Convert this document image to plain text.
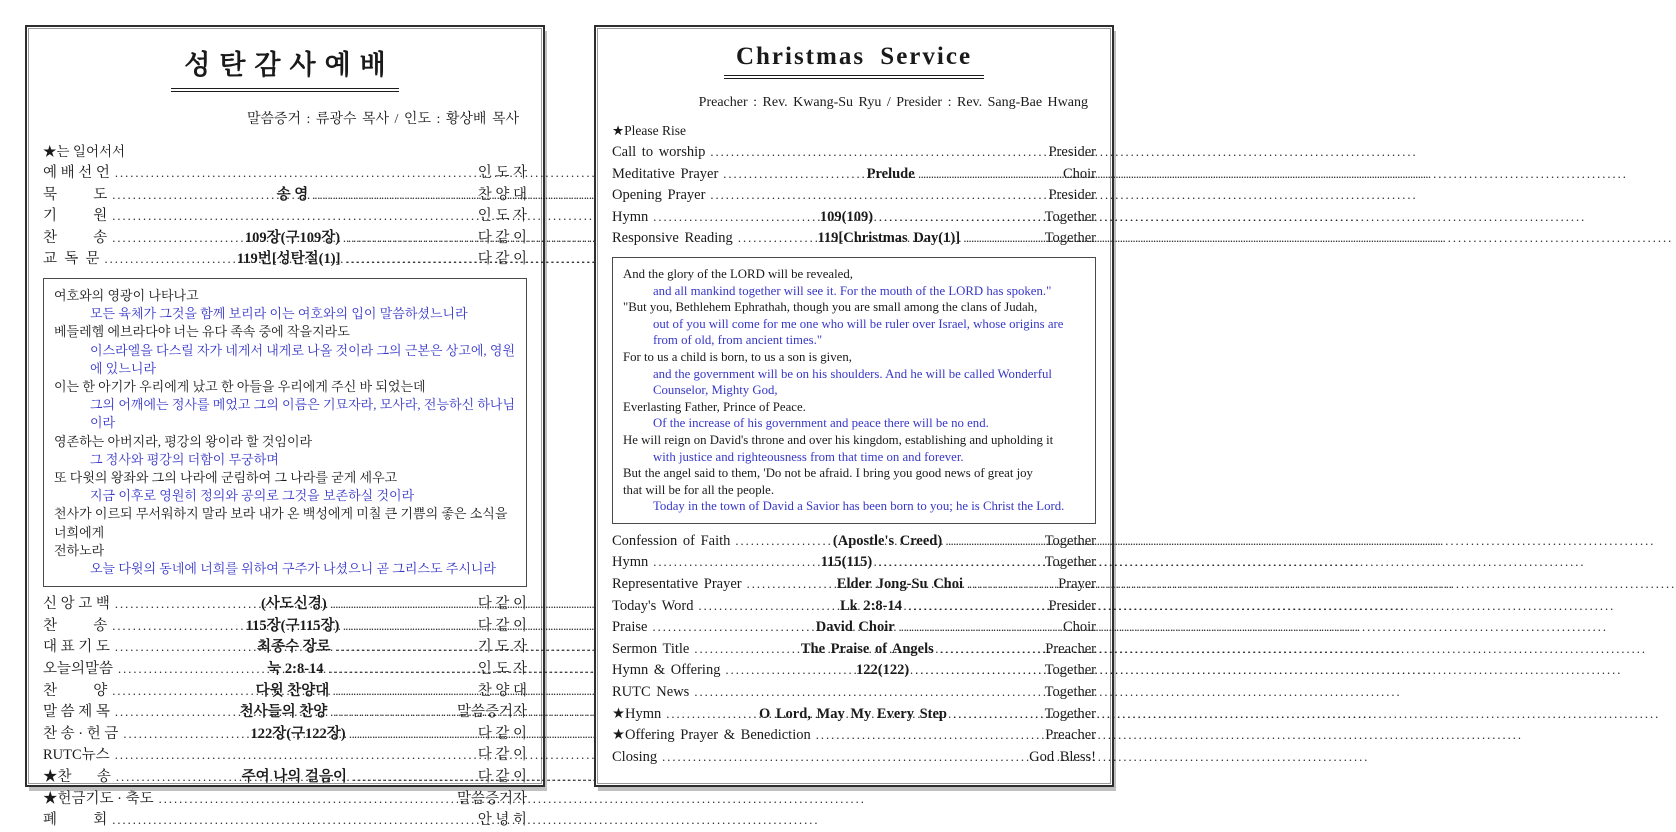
성탄감사예배
말씀증거 : 류광수 목사 / 인도 : 황상배 목사
★는 일어서서
예 배 선 언 .....	인 도 자
묵          도 .....	송 영 .....	찬 양 대
기          원 .....	인 도 자
찬          송 .....	109장(구109장) .....	다 같 이
교  독  문 .....	119번[성탄절(1)] .....	다 같 이
여호와의 영광이 나타나고
모든 육체가 그것을 함께 보리라 이는 여호와의 입이 말씀하셨느니라
베들레헴 에브라다야 너는 유다 족속 중에 작을지라도
이스라엘을 다스릴 자가 네게서 내게로 나올 것이라 그의 근본은 상고에, 영원에 있느니라
이는 한 아기가 우리에게 났고 한 아들을 우리에게 주신 바 되었는데
그의 어깨에는 정사를 메었고 그의 이름은 기묘자라, 모사라, 전능하신 하나님이라
영존하는 아버지라, 평강의 왕이라 할 것임이라
그 정사와 평강의 더함이 무궁하며
또 다윗의 왕좌와 그의 나라에 군림하여 그 나라를 굳게 세우고
지금 이후로 영원히 정의와 공의로 그것을 보존하실 것이라
천사가 이르되 무서워하지 말라 보라 내가 온 백성에게 미칠 큰 기쁨의 좋은 소식을 너희에게
전하노라
오늘 다윗의 동네에 너희를 위하여 구주가 나셨으니 곧 그리스도 주시니라
신 앙 고 백 .....	(사도신경) .....	다 같 이
찬          송 .....	115장(구115장) .....	다 같 이
대 표 기 도 .....	최종수 장로 .....	기 도 자
오늘의말씀 .....	눅 2:8-14 .....	인 도 자
찬          양 .....	다윗 찬양대 .....	찬 양 대
말 씀 제 목 .....	천사들의 찬양 .....	말씀증거자
찬 송 · 헌 금 .....	122장(구122장) .....	다 같 이
RUTC뉴스 .....	다 같 이
★찬       송 .....	주여 나의 걸음이 .....	다 같 이
★헌금기도 · 축도 .....	말씀증거자
폐          회 .....	안 녕 히
Christmas Service
Preacher : Rev. Kwang-Su Ryu / Presider : Rev. Sang-Bae Hwang
★Please Rise
Call to worship .....	Presider
Meditative Prayer .....	Prelude .....	Choir
Opening Prayer .....	Presider
Hymn .....	109(109) .....	Together
Responsive Reading .....	119[Christmas Day(1)] .....	Together
And the glory of the LORD will be revealed,
and all mankind together will see it. For the mouth of the LORD has spoken."
"But you, Bethlehem Ephrathah, though you are small among the clans of Judah,
out of you will come for me one who will be ruler over Israel, whose origins are
from of old, from ancient times."
For to us a child is born, to us a son is given,
and the government will be on his shoulders. And he will be called Wonderful
Counselor, Mighty God,
Everlasting Father, Prince of Peace.
Of the increase of his government and peace there will be no end.
He will reign on David's throne and over his kingdom, establishing and upholding it
with justice and righteousness from that time on and forever.
But the angel said to them, 'Do not be afraid. I bring you good news of great joy
that will be for all the people.
Today in the town of David a Savior has been born to you; he is Christ the Lord.
Confession of Faith .....	(Apostle's Creed) .....	Together
Hymn .....	115(115) .....	Together
Representative Prayer .....	Elder Jong-Su Choi .....	Prayer
Today's Word .....	Lk 2:8-14 .....	Presider
Praise .....	David Choir .....	Choir
Sermon Title .....	The Praise of Angels .....	Preacher
Hymn & Offering .....	122(122) .....	Together
RUTC News .....	Together
★Hymn .....	O Lord, May My Every Step .....	Together
★Offering Prayer & Benediction .....	Preacher
Closing .....	God Bless!
